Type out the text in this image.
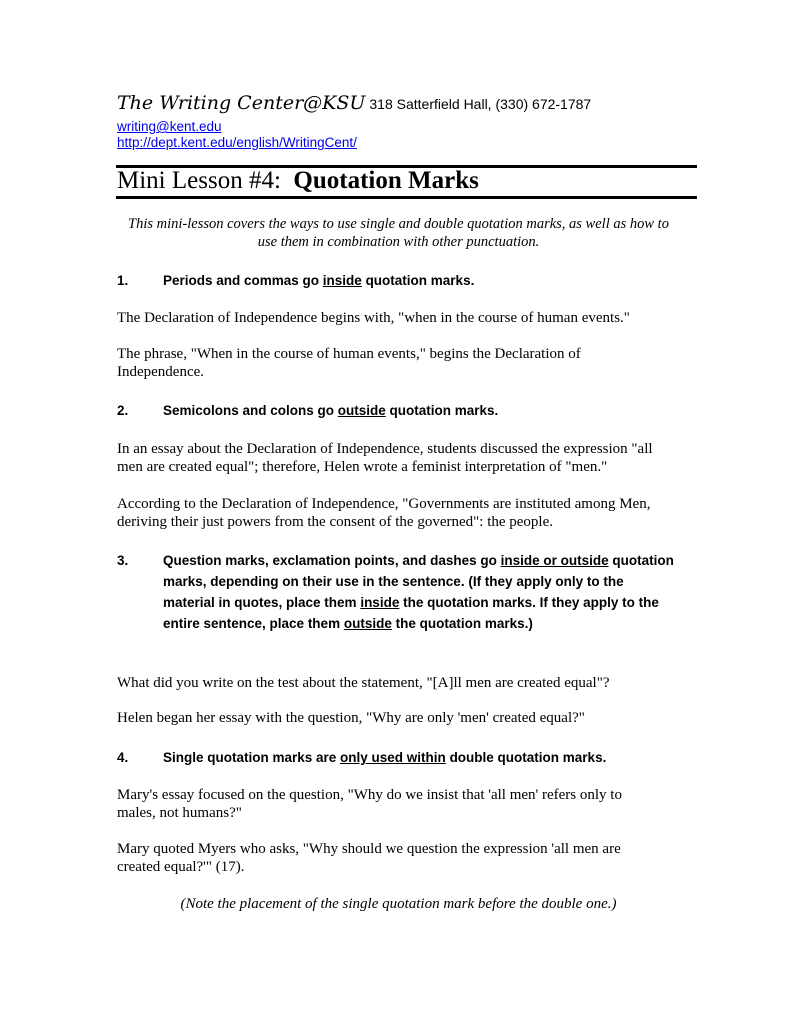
The Writing Center@KSU 318 Satterfield Hall, (330) 672-1787
writing@kent.edu
http://dept.kent.edu/english/WritingCent/
Mini Lesson #4: Quotation Marks
This mini-lesson covers the ways to use single and double quotation marks, as well as how to use them in combination with other punctuation.
1.	Periods and commas go inside quotation marks.
The Declaration of Independence begins with, "when in the course of human events."
The phrase, "When in the course of human events," begins the Declaration of Independence.
2.	Semicolons and colons go outside quotation marks.
In an essay about the Declaration of Independence, students discussed the expression "all men are created equal"; therefore, Helen wrote a feminist interpretation of "men."
According to the Declaration of Independence, "Governments are instituted among Men, deriving their just powers from the consent of the governed": the people.
3.	Question marks, exclamation points, and dashes go inside or outside quotation marks, depending on their use in the sentence. (If they apply only to the material in quotes, place them inside the quotation marks. If they apply to the entire sentence, place them outside the quotation marks.)
What did you write on the test about the statement, "[A]ll men are created equal"?
Helen began her essay with the question, "Why are only 'men' created equal?"
4.	Single quotation marks are only used within double quotation marks.
Mary's essay focused on the question, "Why do we insist that 'all men' refers only to males, not humans?"
Mary quoted Myers who asks, "Why should we question the expression 'all men are created equal?'" (17).
(Note the placement of the single quotation mark before the double one.)
